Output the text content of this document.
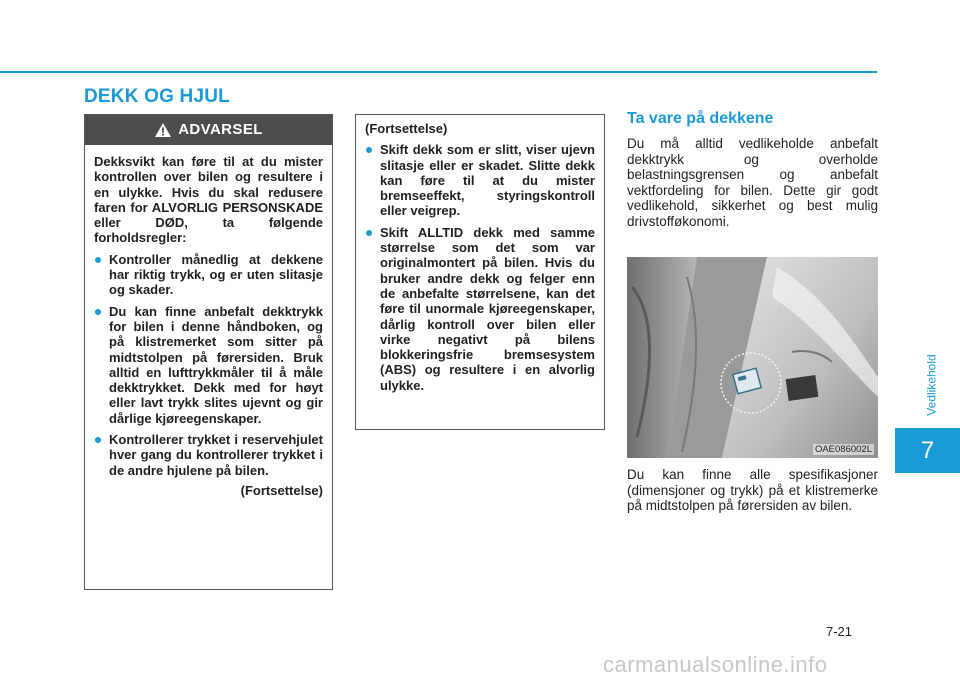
DEKK OG HJUL
ADVARSEL
Dekksvikt kan føre til at du mister kontrollen over bilen og resultere i en ulykke. Hvis du skal redusere faren for ALVORLIG PERSONSKADE eller DØD, ta følgende forholdsregler:
Kontroller månedlig at dekkene har riktig trykk, og er uten slitasje og skader.
Du kan finne anbefalt dekktrykk for bilen i denne håndboken, og på klistremerket som sitter på midtstolpen på førersiden. Bruk alltid en lufttrykkmåler til å måle dekktrykket. Dekk med for høyt eller lavt trykk slites ujevnt og gir dårlige kjøreegenskaper.
Kontrollerer trykket i reservehjulet hver gang du kontrollerer trykket i de andre hjulene på bilen.
(Fortsettelse)
(Fortsettelse)
Skift dekk som er slitt, viser ujevn slitasje eller er skadet. Slitte dekk kan føre til at du mister bremseeffekt, styringskontroll eller veigrep.
Skift ALLTID dekk med samme størrelse som det som var originalmontert på bilen. Hvis du bruker andre dekk og felger enn de anbefalte størrelsene, kan det føre til unormale kjøreegenskaper, dårlig kontroll over bilen eller virke negativt på bilens blokkeringsfrie bremsesystem (ABS) og resultere i en alvorlig ulykke.
Ta vare på dekkene
Du må alltid vedlikeholde anbefalt dekktrykk og overholde belastningsgrensen og anbefalt vektfordeling for bilen. Dette gir godt vedlikehold, sikkerhet og best mulig drivstofføkonomi.
OAE086002L
Du kan finne alle spesifikasjoner (dimensjoner og trykk) på et klistremerke på midtstolpen på førersiden av bilen.
Vedlikehold
7
7-21
carmanualsonline.info
